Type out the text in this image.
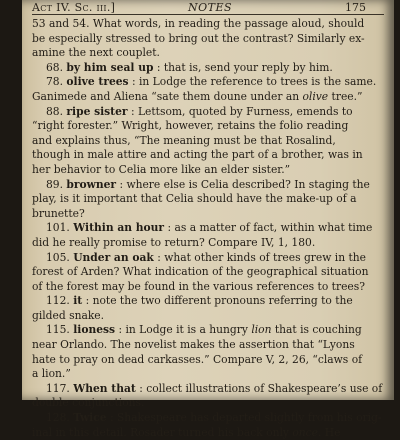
Act IV. Sc. iii.]	NOTES	175
53 and 54. What words, in reading the passage aloud, should
be especially stressed to bring out the contrast? Similarly ex-
amine the next couplet.
68. by him seal up : that is, send your reply by him.
78. olive trees : in Lodge the reference to trees is the same.
Ganimede and Aliena “sate them doune under an olive tree.”
88. ripe sister : Lettsom, quoted by Furness, emends to
“right forester.” Wright, however, retains the folio reading
and explains thus, “The meaning must be that Rosalind,
though in male attire and acting the part of a brother, was in
her behavior to Celia more like an elder sister.”
89. browner : where else is Celia described? In staging the
play, is it important that Celia should have the make-up of a
brunette?
101. Within an hour : as a matter of fact, within what time
did he really promise to return? Compare IV, 1, 180.
105. Under an oak : what other kinds of trees grew in the
forest of Arden? What indication of the geographical situation
of the forest may be found in the various references to trees?
112. it : note the two different pronouns referring to the
gilded snake.
115. lioness : in Lodge it is a hungry lion that is couching
near Orlando. The novelist makes the assertion that “Lyons
hate to pray on dead carkasses.” Compare V, 2, 26, “claws of
a lion.”
117. When that : collect illustrations of Shakespeare’s use of
double conjunctions.
128. Twice : Shakespeare has departed slightly from his orig-
inal in this detail. Rosader turned his back only once. He
